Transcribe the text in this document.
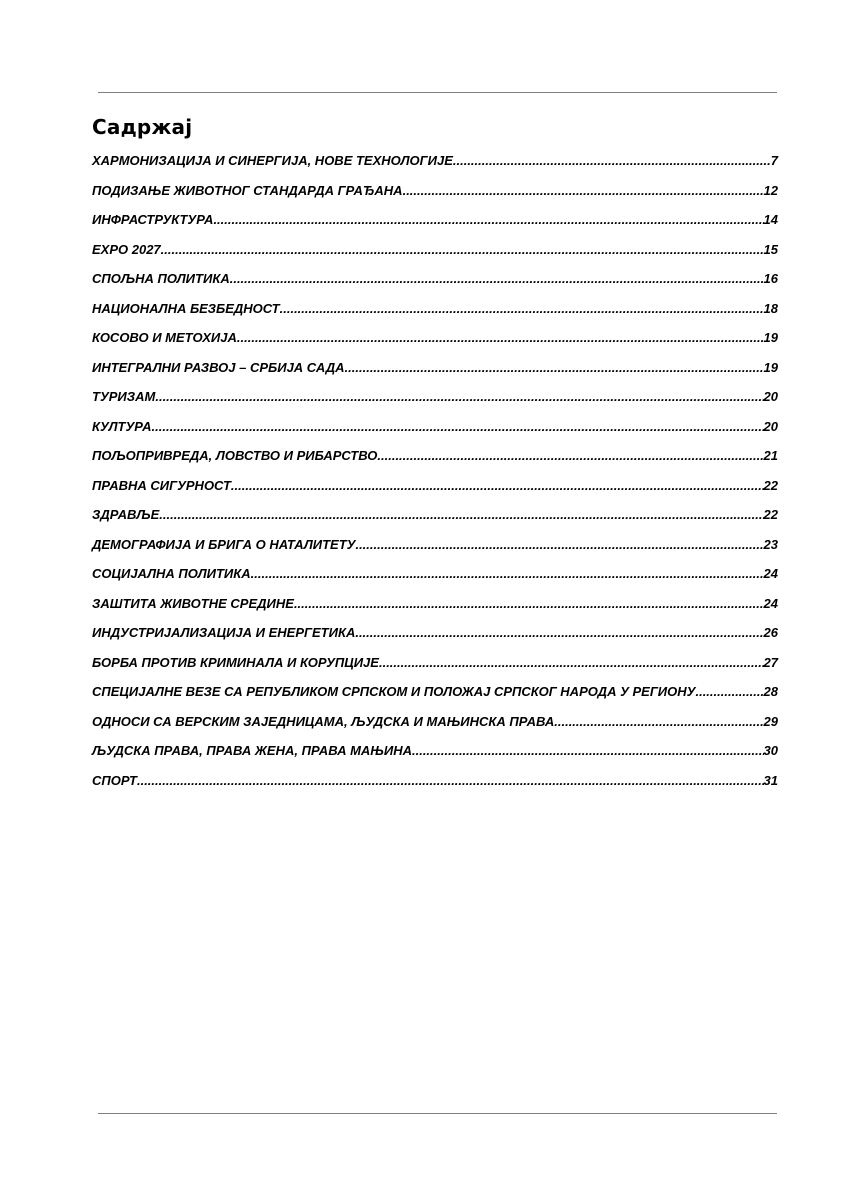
Садржај
ХАРМОНИЗАЦИЈА И СИНЕРГИЈА, НОВЕ ТЕХНОЛОГИЈЕ .....	7
ПОДИЗАЊЕ ЖИВОТНОГ СТАНДАРДА ГРАЂАНА .....	12
ИНФРАСТРУКТУРА .....	14
EXPO 2027 .....	15
СПОЉНА ПОЛИТИКА .....	16
НАЦИОНАЛНА БЕЗБЕДНОСТ .....	18
КОСОВО И МЕТОХИЈА .....	19
ИНТЕГРАЛНИ РАЗВОЈ – СРБИЈА САДА .....	19
ТУРИЗАМ .....	20
КУЛТУРА .....	20
ПОЉОПРИВРЕДА, ЛОВСТВО И РИБАРСТВО .....	21
ПРАВНА СИГУРНОСТ .....	22
ЗДРАВЉЕ .....	22
ДЕМОГРАФИЈА И БРИГА О НАТАЛИТЕТУ .....	23
СОЦИЈАЛНА ПОЛИТИКА .....	24
ЗАШТИТА ЖИВОТНЕ СРЕДИНЕ .....	24
ИНДУСТРИЈАЛИЗАЦИЈА И ЕНЕРГЕТИКА .....	26
БОРБА ПРОТИВ КРИМИНАЛА И КОРУПЦИЈЕ .....	27
СПЕЦИЈАЛНЕ ВЕЗЕ СА РЕПУБЛИКОМ СРПСКОМ И ПОЛОЖАЈ СРПСКОГ НАРОДА У РЕГИОНУ .....	28
ОДНОСИ СА ВЕРСКИМ ЗАЈЕДНИЦАМА, ЉУДСКА И МАЊИНСКА ПРАВА .....	29
ЉУДСКА ПРАВА, ПРАВА ЖЕНА, ПРАВА МАЊИНА .....	30
СПОРТ .....	31
